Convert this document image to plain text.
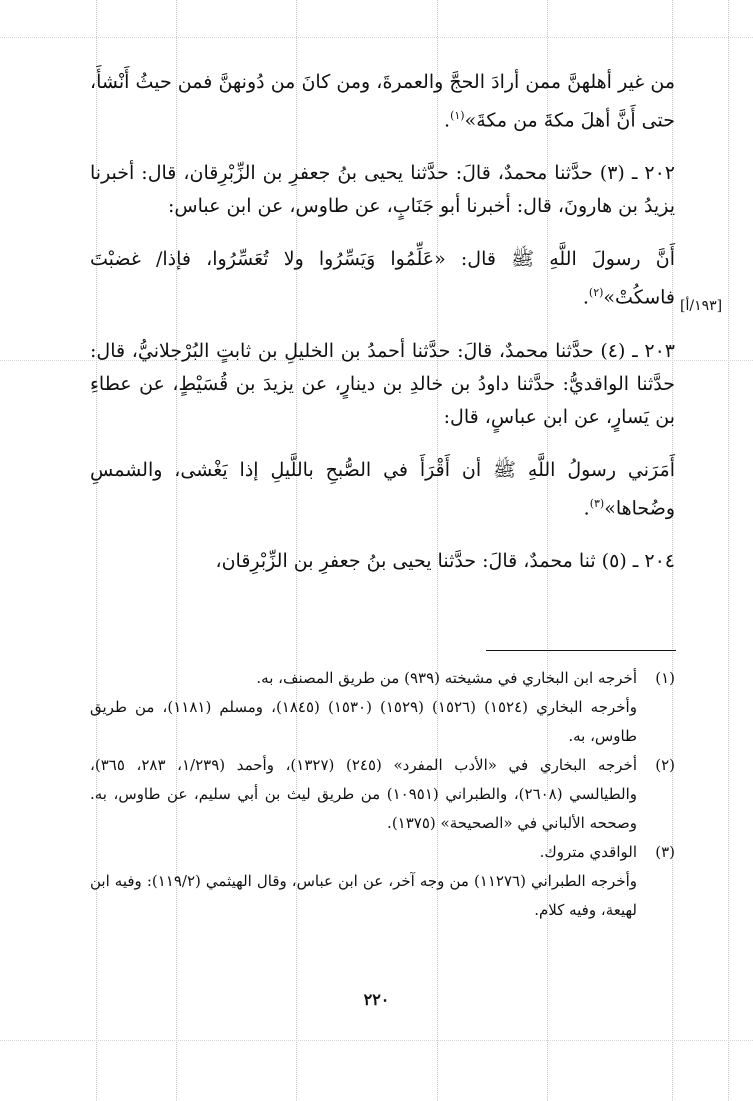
[١٩٣/أ]

من غير أهلهنَّ ممن أرادَ الحجَّ والعمرةَ، ومن كانَ من دُونهنَّ فمن حيثُ أَنْشأَ، حتى أَنَّ أهلَ مكةَ من مكةَ»$^{(١)}$.

٢٠٢ ـ (٣) حدَّثنا محمدٌ، قالَ: حدَّثنا يحيى بنُ جعفرِ بن الزِّبْرِقان، قال: أخبرنا يزيدُ بن هارونَ، قال: أخبرنا أبو جَنَابٍ، عن طاوس، عن ابن عباس:

أَنَّ رسولَ اللَّهِ ﷺ قال: «عَلِّمُوا وَيَسِّرُوا ولا تُعَسِّرُوا، فإذا/ غضبْتَ فاسكُتْ»$^{(٢)}$.

٢٠٣ ـ (٤) حدَّثنا محمدٌ، قالَ: حدَّثنا أحمدُ بن الخليلِ بن ثابتٍ البُرْجلانيُّ، قال: حدَّثنا الواقديُّ: حدَّثنا داودُ بن خالدِ بن دينارٍ، عن يزيدَ بن قُسَيْطٍ، عن عطاءِ بن يَسارٍ، عن ابن عباسٍ، قال:

أَمَرَني رسولُ اللَّهِ ﷺ أن أَقْرَأَ في الصُّبحِ باللَّيلِ إذا يَغْشى، والشمسِ وضُحاها»$^{(٣)}$.

٢٠٤ ـ (٥) ثنا محمدٌ، قالَ: حدَّثنا يحيى بنُ جعفرِ بن الزِّبْرِقان،

(١)
أخرجه ابن البخاري في مشيخته (٩٣٩) من طريق المصنف، به.
وأخرجه البخاري (١٥٢٤) (١٥٢٦) (١٥٢٩) (١٥٣٠) (١٨٤٥)، ومسلم (١١٨١)، من طريق طاوس، به.
(٢)
أخرجه البخاري في «الأدب المفرد» (٢٤٥) (١٣٢٧)، وأحمد (١/٢٣٩، ٢٨٣، ٣٦٥)، والطيالسي (٢٦٠٨)، والطبراني (١٠٩٥١) من طريق ليث بن أبي سليم، عن طاوس، به. وصححه الألباني في «الصحيحة» (١٣٧٥).
(٣)
الواقدي متروك.
وأخرجه الطبراني (١١٢٧٦) من وجه آخر، عن ابن عباس، وقال الهيثمي (١١٩/٢): وفيه ابن لهيعة، وفيه كلام.
٢٢٠
